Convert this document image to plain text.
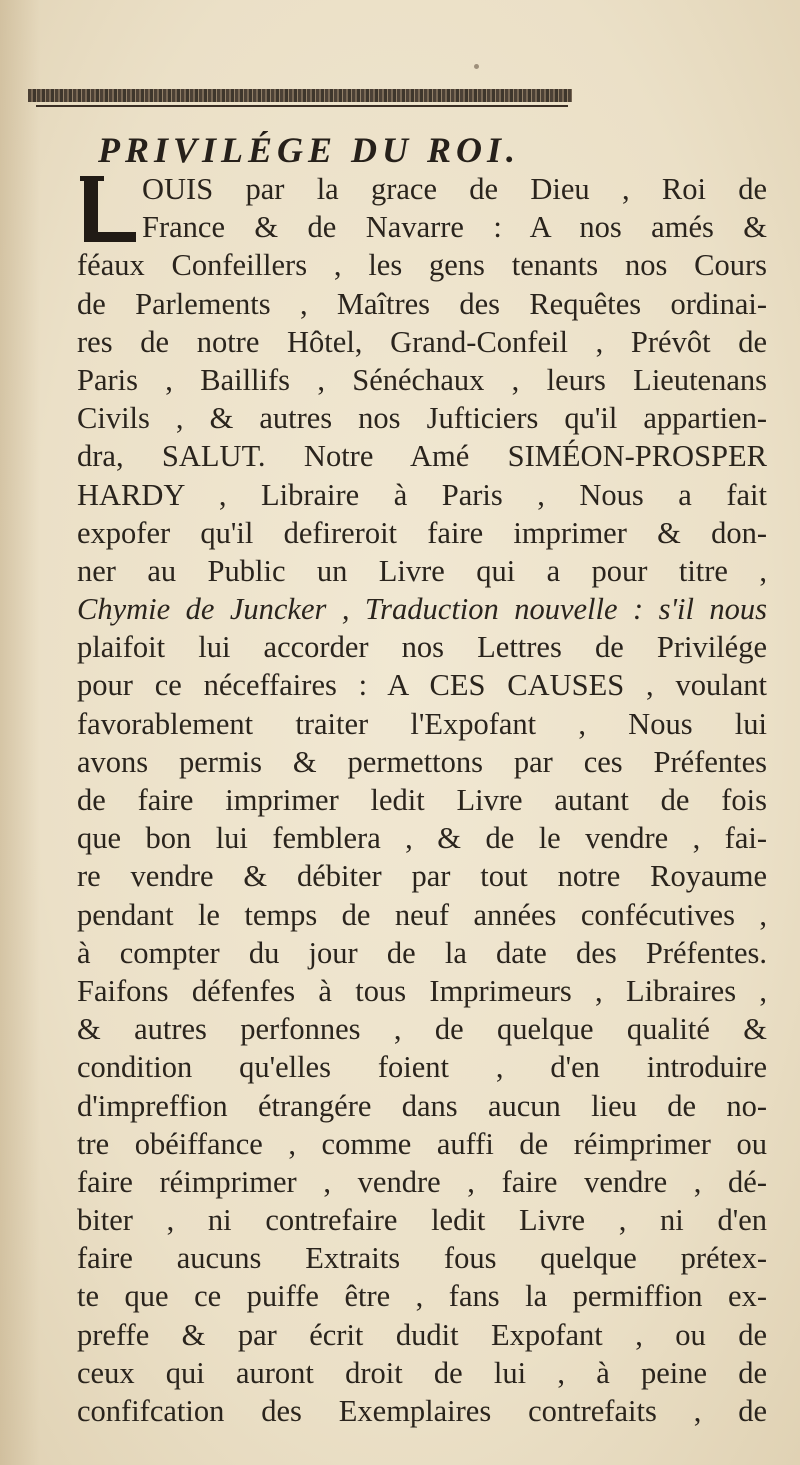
PRIVILÉGE DU ROI.
OUIS par la grace de Dieu , Roi de
France & de Navarre : A nos amés &
féaux Confeillers , les gens tenants nos Cours
de Parlements , Maîtres des Requêtes ordinai-
res de notre Hôtel, Grand-Confeil , Prévôt de
Paris , Baillifs , Sénéchaux , leurs Lieutenans
Civils , & autres nos Jufticiers qu'il appartien-
dra, SALUT. Notre Amé SIMÉON-PROSPER
HARDY , Libraire à Paris , Nous a fait
expofer qu'il defireroit faire imprimer & don-
ner au Public un Livre qui a pour titre ,
Chymie de Juncker , Traduction nouvelle : s'il nous
plaifoit lui accorder nos Lettres de Privilége
pour ce néceffaires : A CES CAUSES , voulant
favorablement traiter l'Expofant , Nous lui
avons permis & permettons par ces Préfentes
de faire imprimer ledit Livre autant de fois
que bon lui femblera , & de le vendre , fai-
re vendre & débiter par tout notre Royaume
pendant le temps de neuf années confécutives ,
à compter du jour de la date des Préfentes.
Faifons défenfes à tous Imprimeurs , Libraires ,
& autres perfonnes , de quelque qualité &
condition qu'elles foient , d'en introduire
d'impreffion étrangére dans aucun lieu de no-
tre obéiffance , comme auffi de réimprimer ou
faire réimprimer , vendre , faire vendre , dé-
biter , ni contrefaire ledit Livre , ni d'en
faire aucuns Extraits fous quelque prétex-
te que ce puiffe être , fans la permiffion ex-
preffe & par écrit dudit Expofant , ou de
ceux qui auront droit de lui , à peine de
confifcation des Exemplaires contrefaits , de
